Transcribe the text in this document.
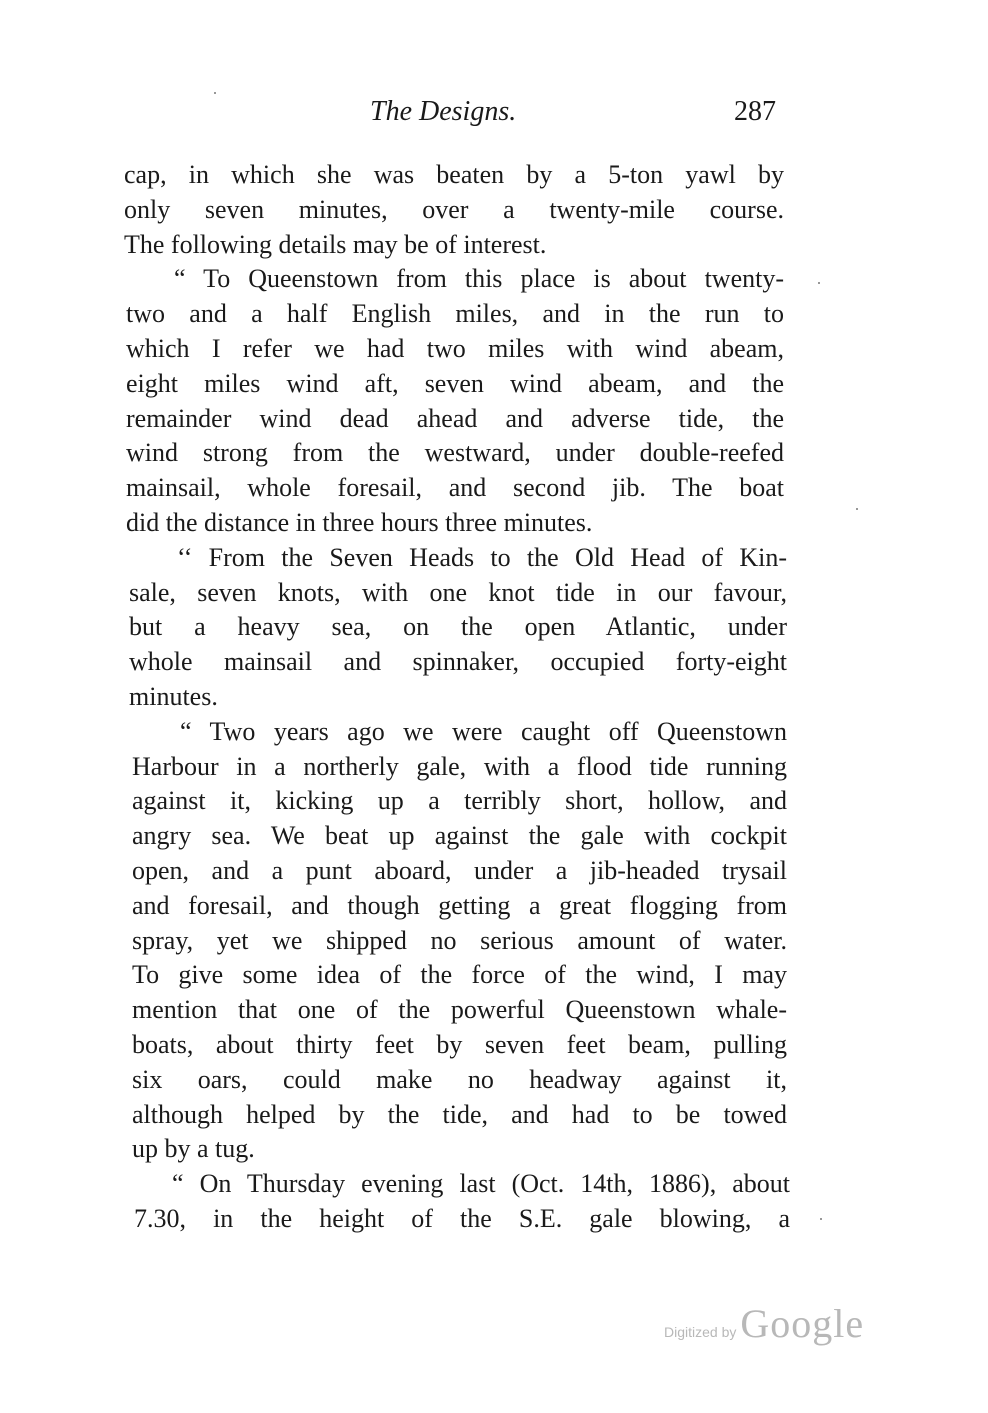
The Designs.	287

cap, in which she was beaten by a 5-ton yawl by
only seven minutes, over a twenty-mile course.
The following details may be of interest.

“ To Queenstown from this place is about twenty-
two and a half English miles, and in the run to
which I refer we had two miles with wind abeam,
eight miles wind aft, seven wind abeam, and the
remainder wind dead ahead and adverse tide, the
wind strong from the westward, under double-reefed
mainsail, whole foresail, and second jib. The boat
did the distance in three hours three minutes.

‘‘ From the Seven Heads to the Old Head of Kin-
sale, seven knots, with one knot tide in our favour,
but a heavy sea, on the open Atlantic, under
whole mainsail and spinnaker, occupied forty-eight
minutes.

“ Two years ago we were caught off Queenstown
Harbour in a northerly gale, with a flood tide running
against it, kicking up a terribly short, hollow, and
angry sea. We beat up against the gale with cockpit
open, and a punt aboard, under a jib-headed trysail
and foresail, and though getting a great flogging from
spray, yet we shipped no serious amount of water.
To give some idea of the force of the wind, I may
mention that one of the powerful Queenstown whale-
boats, about thirty feet by seven feet beam, pulling
six oars, could make no headway against it,
although helped by the tide, and had to be towed
up by a tug.

“ On Thursday evening last (Oct. 14th, 1886), about
7.30, in the height of the S.E. gale blowing, a

Digitized by Google
